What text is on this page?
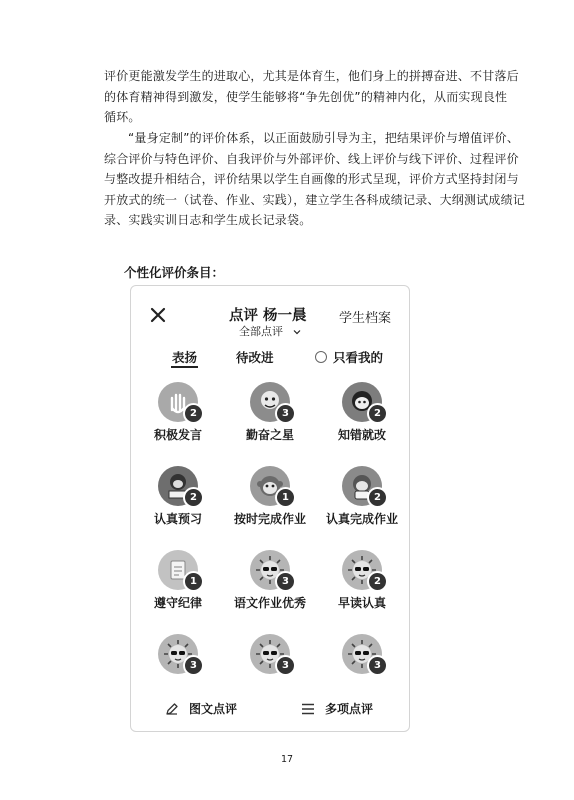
评价更能激发学生的进取心，尤其是体育生，他们身上的拼搏奋进、不甘落后
的体育精神得到激发，使学生能够将“争先创优”的精神内化，从而实现良性
循环。
“量身定制”的评价体系，以正面鼓励引导为主，把结果评价与增值评价、
综合评价与特色评价、自我评价与外部评价、线上评价与线下评价、过程评价
与整改提升相结合，评价结果以学生自画像的形式呈现，评价方式坚持封闭与
开放式的统一（试卷、作业、实践），建立学生各科成绩记录、大纲测试成绩记
录、实践实训日志和学生成长记录袋。
个性化评价条目：
点评 杨一晨
全部点评
学生档案
表扬	待改进	只看我的
2
积极发言
3
勤奋之星
2
知错就改
2
认真预习
1
按时完成作业
2
认真完成作业
1
遵守纪律
3
语文作业优秀
2
早读认真
3	3	3
图文点评	多项点评
17
